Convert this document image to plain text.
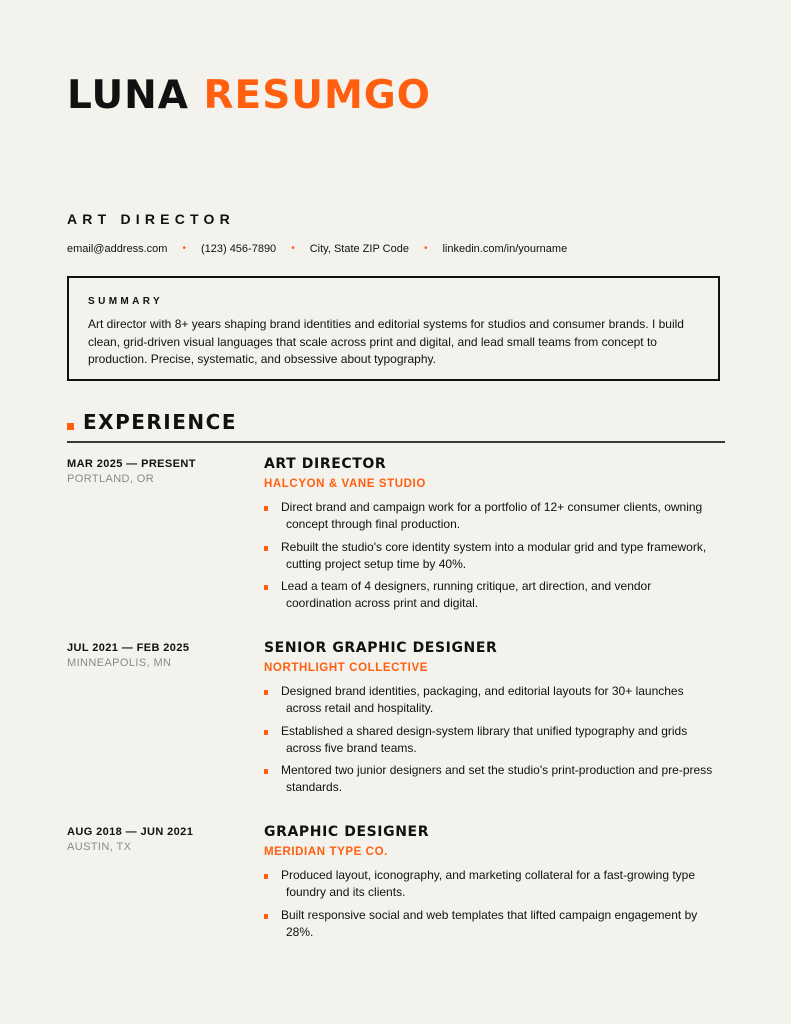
LUNA RESUMGO
ART DIRECTOR
email@address.com • (123) 456-7890 • City, State ZIP Code • linkedin.com/in/yourname
SUMMARY
Art director with 8+ years shaping brand identities and editorial systems for studios and consumer brands. I build clean, grid-driven visual languages that scale across print and digital, and lead small teams from concept to production. Precise, systematic, and obsessive about typography.
EXPERIENCE
MAR 2025 — PRESENT
PORTLAND, OR
ART DIRECTOR
HALCYON & VANE STUDIO
Direct brand and campaign work for a portfolio of 12+ consumer clients, owning concept through final production.
Rebuilt the studio's core identity system into a modular grid and type framework, cutting project setup time by 40%.
Lead a team of 4 designers, running critique, art direction, and vendor coordination across print and digital.
JUL 2021 — FEB 2025
MINNEAPOLIS, MN
SENIOR GRAPHIC DESIGNER
NORTHLIGHT COLLECTIVE
Designed brand identities, packaging, and editorial layouts for 30+ launches across retail and hospitality.
Established a shared design-system library that unified typography and grids across five brand teams.
Mentored two junior designers and set the studio's print-production and pre-press standards.
AUG 2018 — JUN 2021
AUSTIN, TX
GRAPHIC DESIGNER
MERIDIAN TYPE CO.
Produced layout, iconography, and marketing collateral for a fast-growing type foundry and its clients.
Built responsive social and web templates that lifted campaign engagement by 28%.
